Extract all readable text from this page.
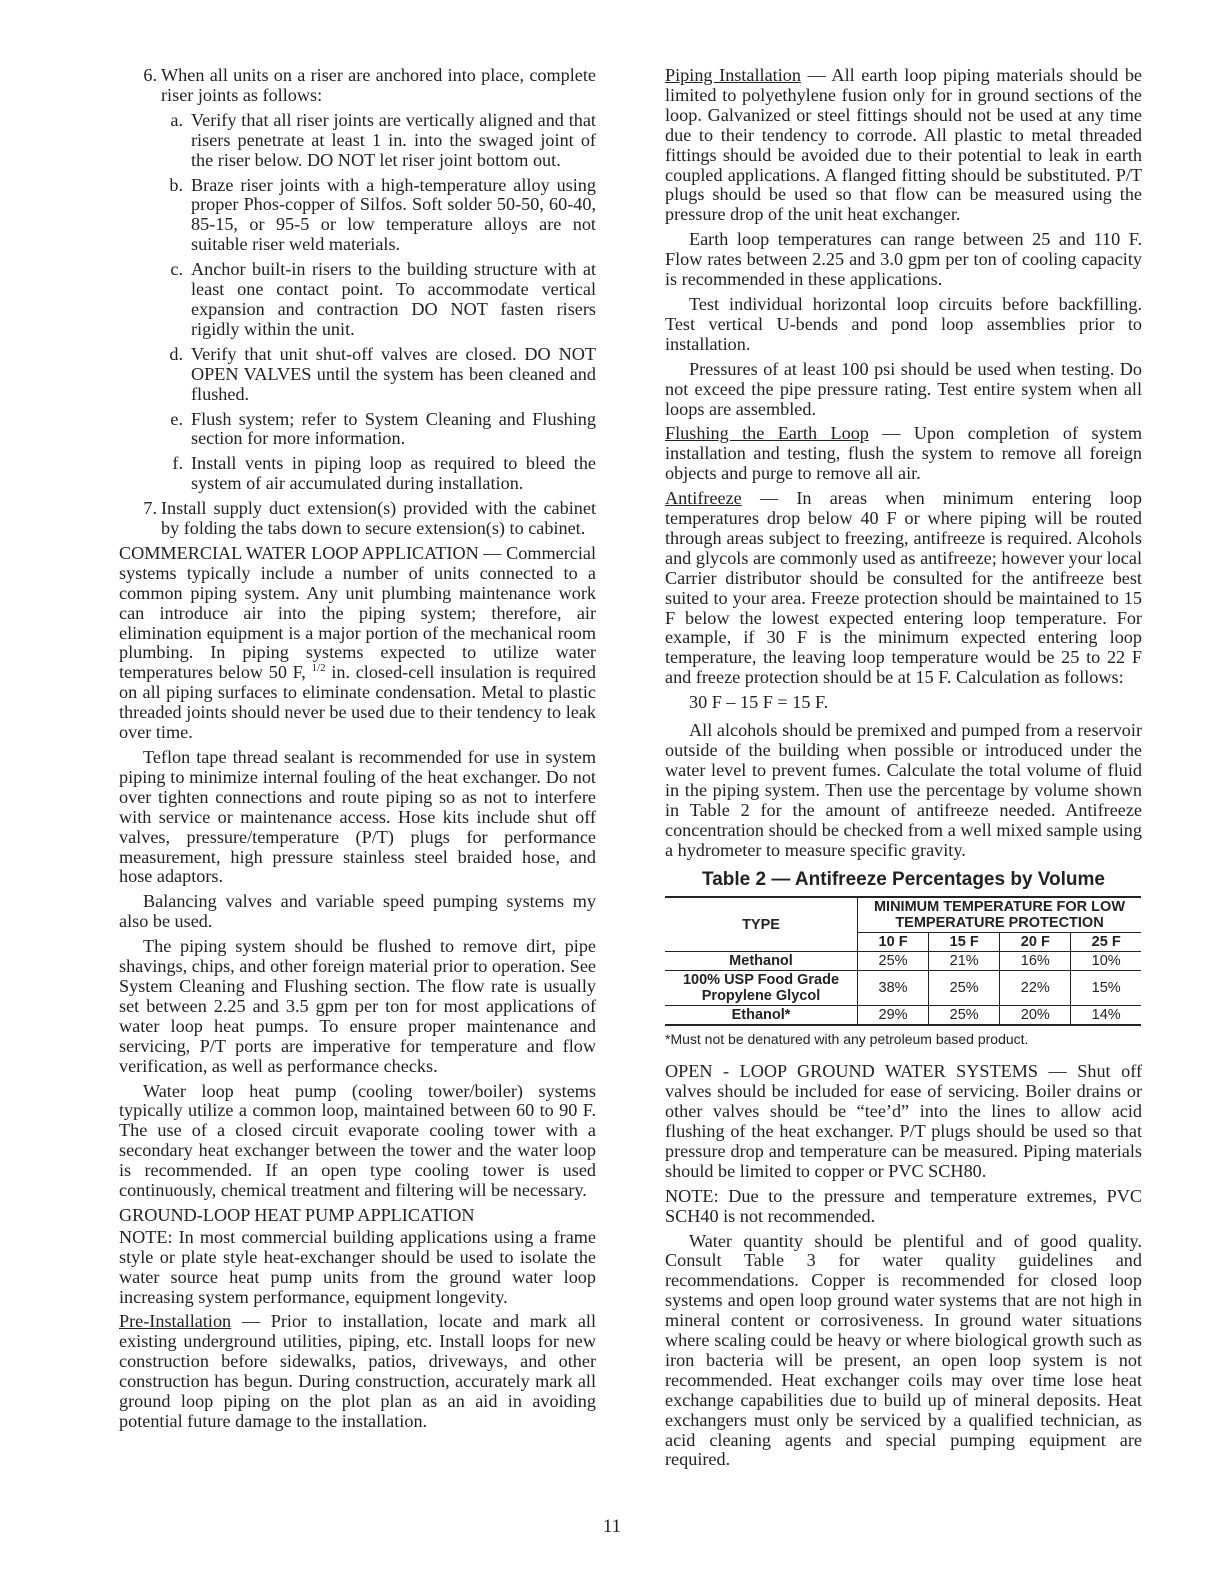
6. When all units on a riser are anchored into place, complete riser joints as follows:
a. Verify that all riser joints are vertically aligned and that risers penetrate at least 1 in. into the swaged joint of the riser below. DO NOT let riser joint bottom out.
b. Braze riser joints with a high-temperature alloy using proper Phos-copper of Silfos. Soft solder 50-50, 60-40, 85-15, or 95-5 or low temperature alloys are not suitable riser weld materials.
c. Anchor built-in risers to the building structure with at least one contact point. To accommodate vertical expansion and contraction DO NOT fasten risers rigidly within the unit.
d. Verify that unit shut-off valves are closed. DO NOT OPEN VALVES until the system has been cleaned and flushed.
e. Flush system; refer to System Cleaning and Flushing section for more information.
f. Install vents in piping loop as required to bleed the system of air accumulated during installation.
7. Install supply duct extension(s) provided with the cabinet by folding the tabs down to secure extension(s) to cabinet.

COMMERCIAL WATER LOOP APPLICATION — Commercial systems typically include a number of units connected to a common piping system. Any unit plumbing maintenance work can introduce air into the piping system; therefore, air elimination equipment is a major portion of the mechanical room plumbing. In piping systems expected to utilize water temperatures below 50 F, $^{1/2}$ in. closed-cell insulation is required on all piping surfaces to eliminate condensation. Metal to plastic threaded joints should never be used due to their tendency to leak over time.

Teflon tape thread sealant is recommended for use in system piping to minimize internal fouling of the heat exchanger. Do not over tighten connections and route piping so as not to interfere with service or maintenance access. Hose kits include shut off valves, pressure/temperature (P/T) plugs for performance measurement, high pressure stainless steel braided hose, and hose adaptors.

Balancing valves and variable speed pumping systems my also be used.

The piping system should be flushed to remove dirt, pipe shavings, chips, and other foreign material prior to operation. See System Cleaning and Flushing section. The flow rate is usually set between 2.25 and 3.5 gpm per ton for most applications of water loop heat pumps. To ensure proper maintenance and servicing, P/T ports are imperative for temperature and flow verification, as well as performance checks.

Water loop heat pump (cooling tower/boiler) systems typically utilize a common loop, maintained between 60 to 90 F. The use of a closed circuit evaporate cooling tower with a secondary heat exchanger between the tower and the water loop is recommended. If an open type cooling tower is used continuously, chemical treatment and filtering will be necessary.

GROUND-LOOP HEAT PUMP APPLICATION

NOTE: In most commercial building applications using a frame style or plate style heat-exchanger should be used to isolate the water source heat pump units from the ground water loop increasing system performance, equipment longevity.

Pre-Installation — Prior to installation, locate and mark all existing underground utilities, piping, etc. Install loops for new construction before sidewalks, patios, driveways, and other construction has begun. During construction, accurately mark all ground loop piping on the plot plan as an aid in avoiding potential future damage to the installation.

Piping Installation — All earth loop piping materials should be limited to polyethylene fusion only for in ground sections of the loop. Galvanized or steel fittings should not be used at any time due to their tendency to corrode. All plastic to metal threaded fittings should be avoided due to their potential to leak in earth coupled applications. A flanged fitting should be substituted. P/T plugs should be used so that flow can be measured using the pressure drop of the unit heat exchanger.

Earth loop temperatures can range between 25 and 110 F. Flow rates between 2.25 and 3.0 gpm per ton of cooling capacity is recommended in these applications.

Test individual horizontal loop circuits before backfilling. Test vertical U-bends and pond loop assemblies prior to installation.

Pressures of at least 100 psi should be used when testing. Do not exceed the pipe pressure rating. Test entire system when all loops are assembled.

Flushing the Earth Loop — Upon completion of system installation and testing, flush the system to remove all foreign objects and purge to remove all air.

Antifreeze — In areas when minimum entering loop temperatures drop below 40 F or where piping will be routed through areas subject to freezing, antifreeze is required. Alcohols and glycols are commonly used as antifreeze; however your local Carrier distributor should be consulted for the antifreeze best suited to your area. Freeze protection should be maintained to 15 F below the lowest expected entering loop temperature. For example, if 30 F is the minimum expected entering loop temperature, the leaving loop temperature would be 25 to 22 F and freeze protection should be at 15 F. Calculation as follows:

30 F – 15 F = 15 F.

All alcohols should be premixed and pumped from a reservoir outside of the building when possible or introduced under the water level to prevent fumes. Calculate the total volume of fluid in the piping system. Then use the percentage by volume shown in Table 2 for the amount of antifreeze needed. Antifreeze concentration should be checked from a well mixed sample using a hydrometer to measure specific gravity.

Table 2 — Antifreeze Percentages by Volume
TYPE	MINIMUM TEMPERATURE FOR LOW TEMPERATURE PROTECTION			
	10 F	15 F	20 F	25 F
Methanol	25%	21%	16%	10%
100% USP Food Grade Propylene Glycol	38%	25%	22%	15%
Ethanol*	29%	25%	20%	14%
*Must not be denatured with any petroleum based product.

OPEN - LOOP GROUND WATER SYSTEMS — Shut off valves should be included for ease of servicing. Boiler drains or other valves should be “tee’d” into the lines to allow acid flushing of the heat exchanger. P/T plugs should be used so that pressure drop and temperature can be measured. Piping materials should be limited to copper or PVC SCH80.

NOTE: Due to the pressure and temperature extremes, PVC SCH40 is not recommended.

Water quantity should be plentiful and of good quality. Consult Table 3 for water quality guidelines and recommendations. Copper is recommended for closed loop systems and open loop ground water systems that are not high in mineral content or corrosiveness. In ground water situations where scaling could be heavy or where biological growth such as iron bacteria will be present, an open loop system is not recommended. Heat exchanger coils may over time lose heat exchange capabilities due to build up of mineral deposits. Heat exchangers must only be serviced by a qualified technician, as acid cleaning agents and special pumping equipment are required.

11
